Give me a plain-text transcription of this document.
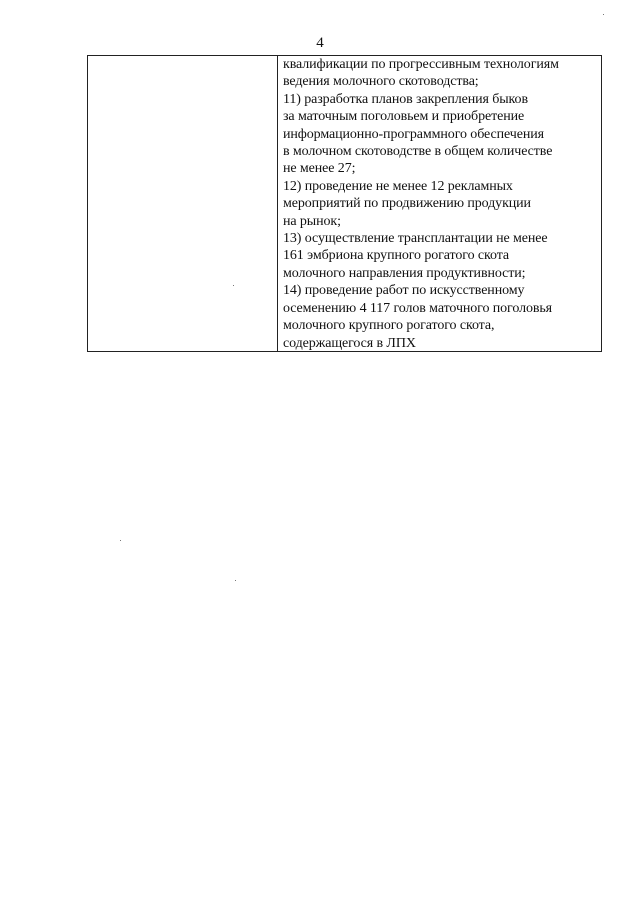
4
квалификации по прогрессивным технологиям
ведения молочного скотоводства;
11) разработка планов закрепления быков
за маточным поголовьем и приобретение
информационно-программного обеспечения
в молочном скотоводстве в общем количестве
не менее 27;
12) проведение не менее 12 рекламных
мероприятий по продвижению продукции
на рынок;
13) осуществление трансплантации не менее
161 эмбриона крупного рогатого скота
молочного направления продуктивности;
14) проведение работ по искусственному
осеменению 4 117 голов маточного поголовья
молочного крупного рогатого скота,
содержащегося в ЛПХ
